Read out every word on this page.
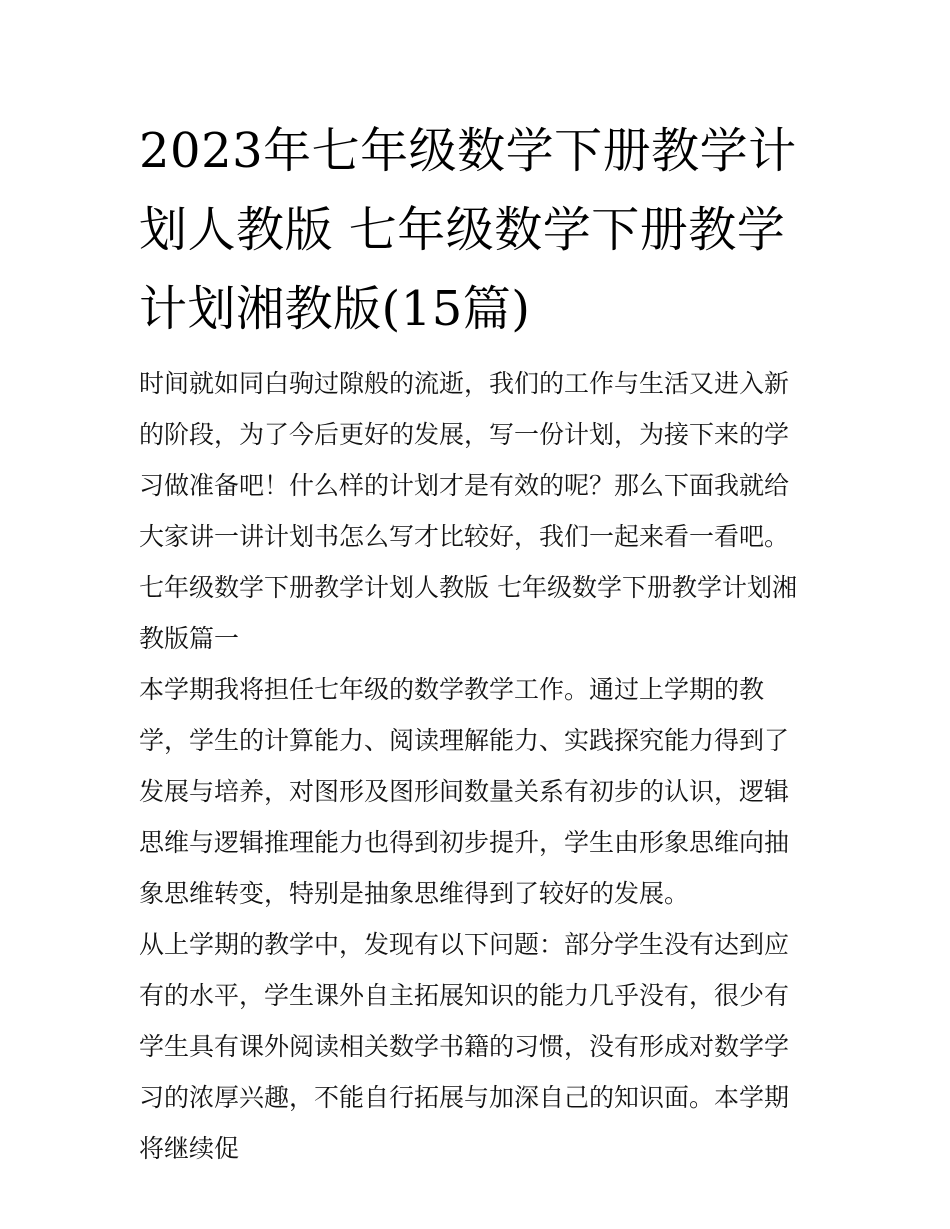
2023年七年级数学下册教学计划人教版 七年级数学下册教学计划湘教版(15篇)

时间就如同白驹过隙般的流逝，我们的工作与生活又进入新的阶段，为了今后更好的发展，写一份计划，为接下来的学习做准备吧！什么样的计划才是有效的呢？那么下面我就给大家讲一讲计划书怎么写才比较好，我们一起来看一看吧。

七年级数学下册教学计划人教版 七年级数学下册教学计划湘教版篇一

本学期我将担任七年级的数学教学工作。通过上学期的教学，学生的计算能力、阅读理解能力、实践探究能力得到了发展与培养，对图形及图形间数量关系有初步的认识，逻辑思维与逻辑推理能力也得到初步提升，学生由形象思维向抽象思维转变，特别是抽象思维得到了较好的发展。

从上学期的教学中，发现有以下问题：部分学生没有达到应有的水平，学生课外自主拓展知识的能力几乎没有，很少有学生具有课外阅读相关数学书籍的习惯，没有形成对数学学习的浓厚兴趣，不能自行拓展与加深自己的知识面。本学期将继续促
